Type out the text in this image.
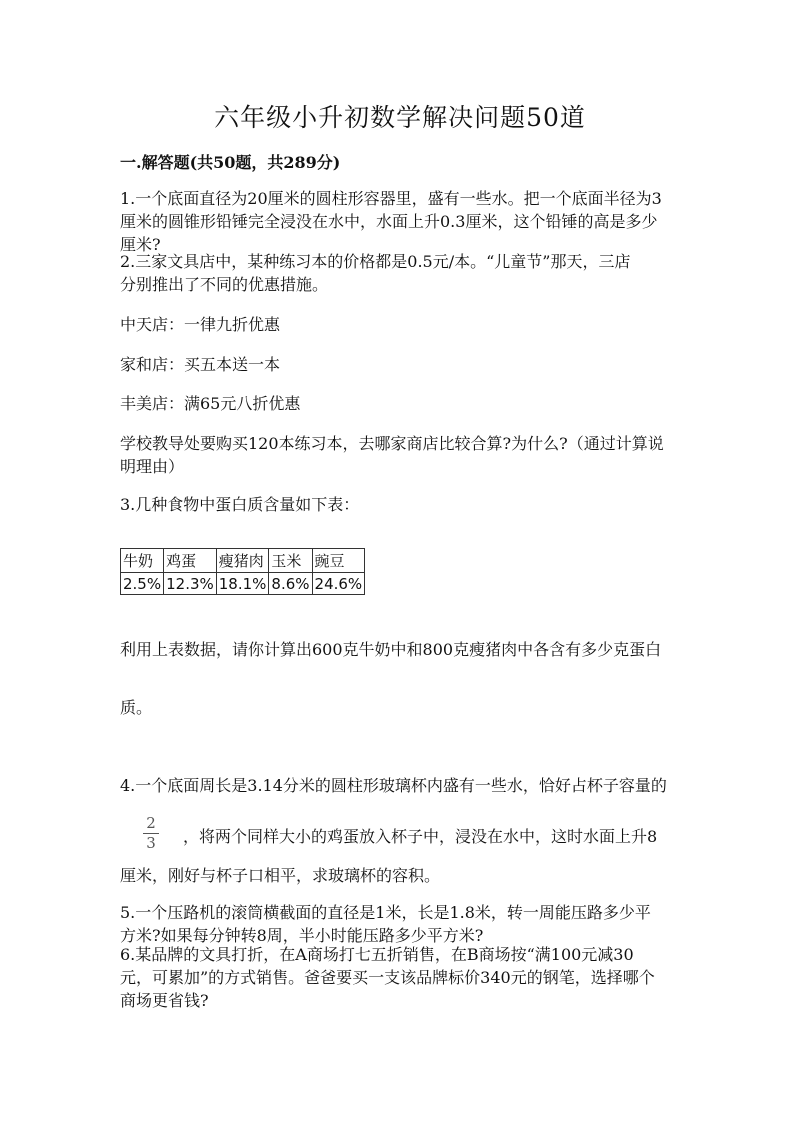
六年级小升初数学解决问题50道
一.解答题(共50题，共289分)
1.一个底面直径为20厘米的圆柱形容器里，盛有一些水。把一个底面半径为3
厘米的圆锥形铅锤完全浸没在水中，水面上升0.3厘米，这个铅锤的高是多少
厘米?
2.三家文具店中，某种练习本的价格都是0.5元/本。“儿童节”那天，三店
分别推出了不同的优惠措施。
中天店：一律九折优惠
家和店：买五本送一本
丰美店：满65元八折优惠
学校教导处要购买120本练习本，去哪家商店比较合算?为什么?（通过计算说
明理由）
3.几种食物中蛋白质含量如下表：
牛奶	鸡蛋	瘦猪肉	玉米	豌豆
2.5%	12.3%	18.1%	8.6%	24.6%
利用上表数据，请你计算出600克牛奶中和800克瘦猪肉中各含有多少克蛋白
质。
4.一个底面周长是3.14分米的圆柱形玻璃杯内盛有一些水，恰好占杯子容量的
2
3 ，将两个同样大小的鸡蛋放入杯子中，浸没在水中，这时水面上升8
厘米，刚好与杯子口相平，求玻璃杯的容积。
5.一个压路机的滚筒横截面的直径是1米，长是1.8米，转一周能压路多少平
方米?如果每分钟转8周，半小时能压路多少平方米?
6.某品牌的文具打折，在A商场打七五折销售，在B商场按“满100元减30
元，可累加”的方式销售。爸爸要买一支该品牌标价340元的钢笔，选择哪个
商场更省钱?
